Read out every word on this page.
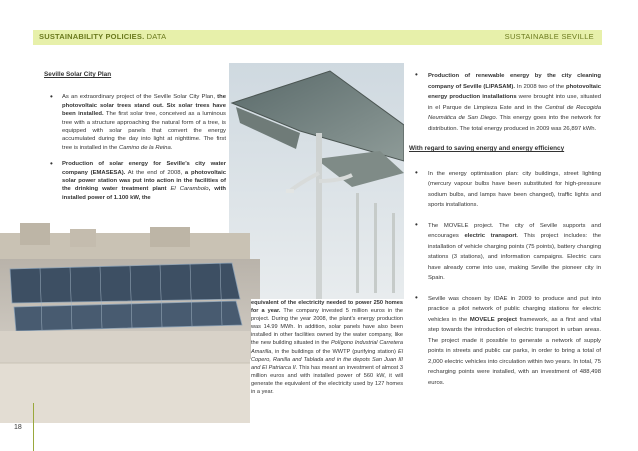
SUSTAINABILITY POLICIES. DATA	SUSTAINABLE SEVILLE
Seville Solar City Plan
• As an extraordinary project of the Seville Solar City Plan, the photovoltaic solar trees stand out. Six solar trees have been installed. The first solar tree, conceived as a luminous tree with a structure approaching the natural form of a tree, is equipped with solar panels that convert the energy accumulated during the day into light at nighttime. The first tree is installed in the Camino de la Reina.
• Production of solar energy for Seville’s city water company (EMASESA). At the end of 2008, a photovoltaic solar power station was put into action in the facilities of the drinking water treatment plant El Carambolo, with installed power of 1.100 kW, the
equivalent of the electricity needed to power 250 homes for a year. The company invested 5 million euros in the project. During the year 2008, the plant’s energy production was 14.99 MWh. In addition, solar panels have also been installed in other facilities owned by the water company, like the new building situated in the Polígono Industrial Carretera Amarilla, in the buildings of the WWTP (purifying station) El Copero, Ranilla and Tablada and in the depots San Juan III and El Patriarca II. This has meant an investment of almost 3 million euros and with installed power of 560 kW, it will generate the equivalent of the electricity used by 127 homes in a year.
• Production of renewable energy by the city cleaning company of Seville (LIPASAM). In 2008 two of the photovoltaic energy production installations were brought into use, situated in el Parque de Limpieza Este and in the Central de Recogida Neumática de San Diego. This energy goes into the network for distribution. The total energy produced in 2009 was 26,897 kWh.
With regard to saving energy and energy efficiency
• In the energy optimisation plan: city buildings, street lighting (mercury vapour bulbs have been substituted for high-pressure sodium bulbs, and lamps have been changed), traffic lights and sports installations.
• The MOVELE project. The city of Seville supports and encourages electric transport. This project includes: the installation of vehicle charging points (75 points), battery changing stations (3 stations), and information campaigns. Electric cars have already come into use, making Seville the pioneer city in Spain.
• Seville was chosen by IDAE in 2009 to produce and put into practice a pilot network of public charging stations for electric vehicles in the MOVELE project framework, as a first and vital step towards the introduction of electric transport in urban areas. The project made it possible to generate a network of supply points in streets and public car parks, in order to bring a total of 2,000 electric vehicles into circulation within two years. In total, 75 recharging points were installed, with an investment of 488,498 euros.
18
